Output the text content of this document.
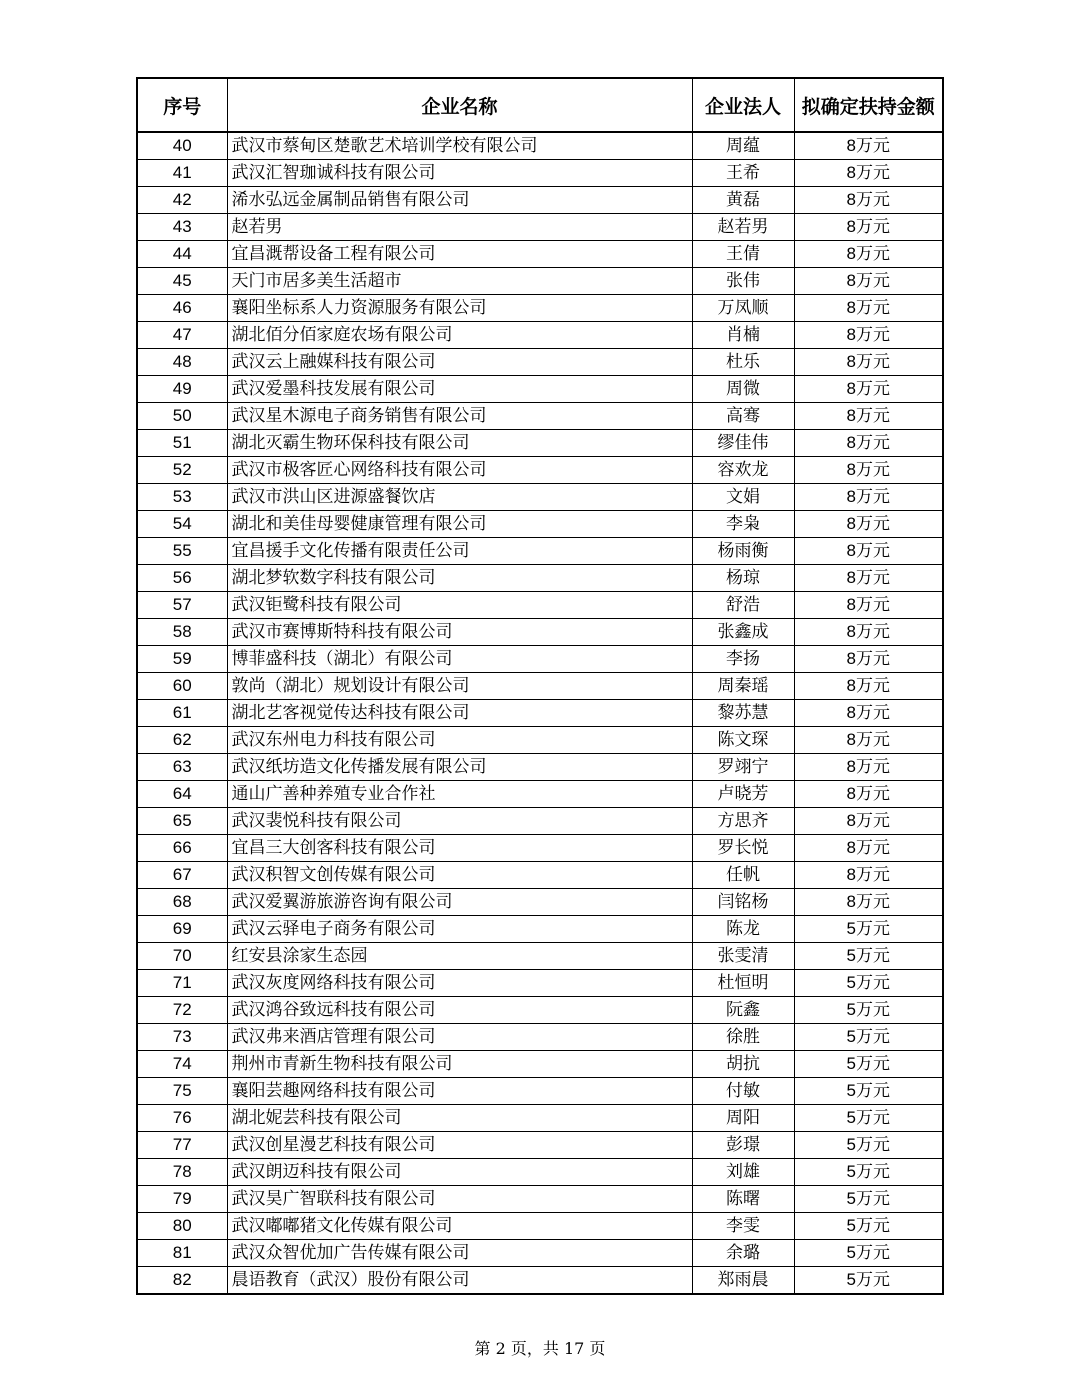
序号	企业名称	企业法人	拟确定扶持金额
40	武汉市蔡甸区楚歌艺术培训学校有限公司	周蕴	8万元
41	武汉汇智珈诚科技有限公司	王希	8万元
42	浠水弘远金属制品销售有限公司	黄磊	8万元
43	赵若男	赵若男	8万元
44	宜昌溉帮设备工程有限公司	王倩	8万元
45	天门市居多美生活超市	张伟	8万元
46	襄阳坐标系人力资源服务有限公司	万凤顺	8万元
47	湖北佰分佰家庭农场有限公司	肖楠	8万元
48	武汉云上融媒科技有限公司	杜乐	8万元
49	武汉爱墨科技发展有限公司	周微	8万元
50	武汉星木源电子商务销售有限公司	高骞	8万元
51	湖北灭霸生物环保科技有限公司	缪佳伟	8万元
52	武汉市极客匠心网络科技有限公司	容欢龙	8万元
53	武汉市洪山区进源盛餐饮店	文娟	8万元
54	湖北和美佳母婴健康管理有限公司	李枭	8万元
55	宜昌援手文化传播有限责任公司	杨雨衡	8万元
56	湖北梦软数字科技有限公司	杨琼	8万元
57	武汉钜鹭科技有限公司	舒浩	8万元
58	武汉市赛博斯特科技有限公司	张鑫成	8万元
59	博菲盛科技（湖北）有限公司	李扬	8万元
60	敦尚（湖北）规划设计有限公司	周秦瑶	8万元
61	湖北艺客视觉传达科技有限公司	黎苏慧	8万元
62	武汉东州电力科技有限公司	陈文琛	8万元
63	武汉纸坊造文化传播发展有限公司	罗翊宁	8万元
64	通山广善种养殖专业合作社	卢晓芳	8万元
65	武汉裴悦科技有限公司	方思齐	8万元
66	宜昌三大创客科技有限公司	罗长悦	8万元
67	武汉积智文创传媒有限公司	任帆	8万元
68	武汉爱翼游旅游咨询有限公司	闫铭杨	8万元
69	武汉云驿电子商务有限公司	陈龙	5万元
70	红安县涂家生态园	张雯清	5万元
71	武汉灰度网络科技有限公司	杜恒明	5万元
72	武汉鸿谷致远科技有限公司	阮鑫	5万元
73	武汉弗来酒店管理有限公司	徐胜	5万元
74	荆州市青新生物科技有限公司	胡抗	5万元
75	襄阳芸趣网络科技有限公司	付敏	5万元
76	湖北妮芸科技有限公司	周阳	5万元
77	武汉创星漫艺科技有限公司	彭璟	5万元
78	武汉朗迈科技有限公司	刘雄	5万元
79	武汉昊广智联科技有限公司	陈曙	5万元
80	武汉嘟嘟猪文化传媒有限公司	李雯	5万元
81	武汉众智优加广告传媒有限公司	余璐	5万元
82	晨语教育（武汉）股份有限公司	郑雨晨	5万元
第 2 页，共 17 页
